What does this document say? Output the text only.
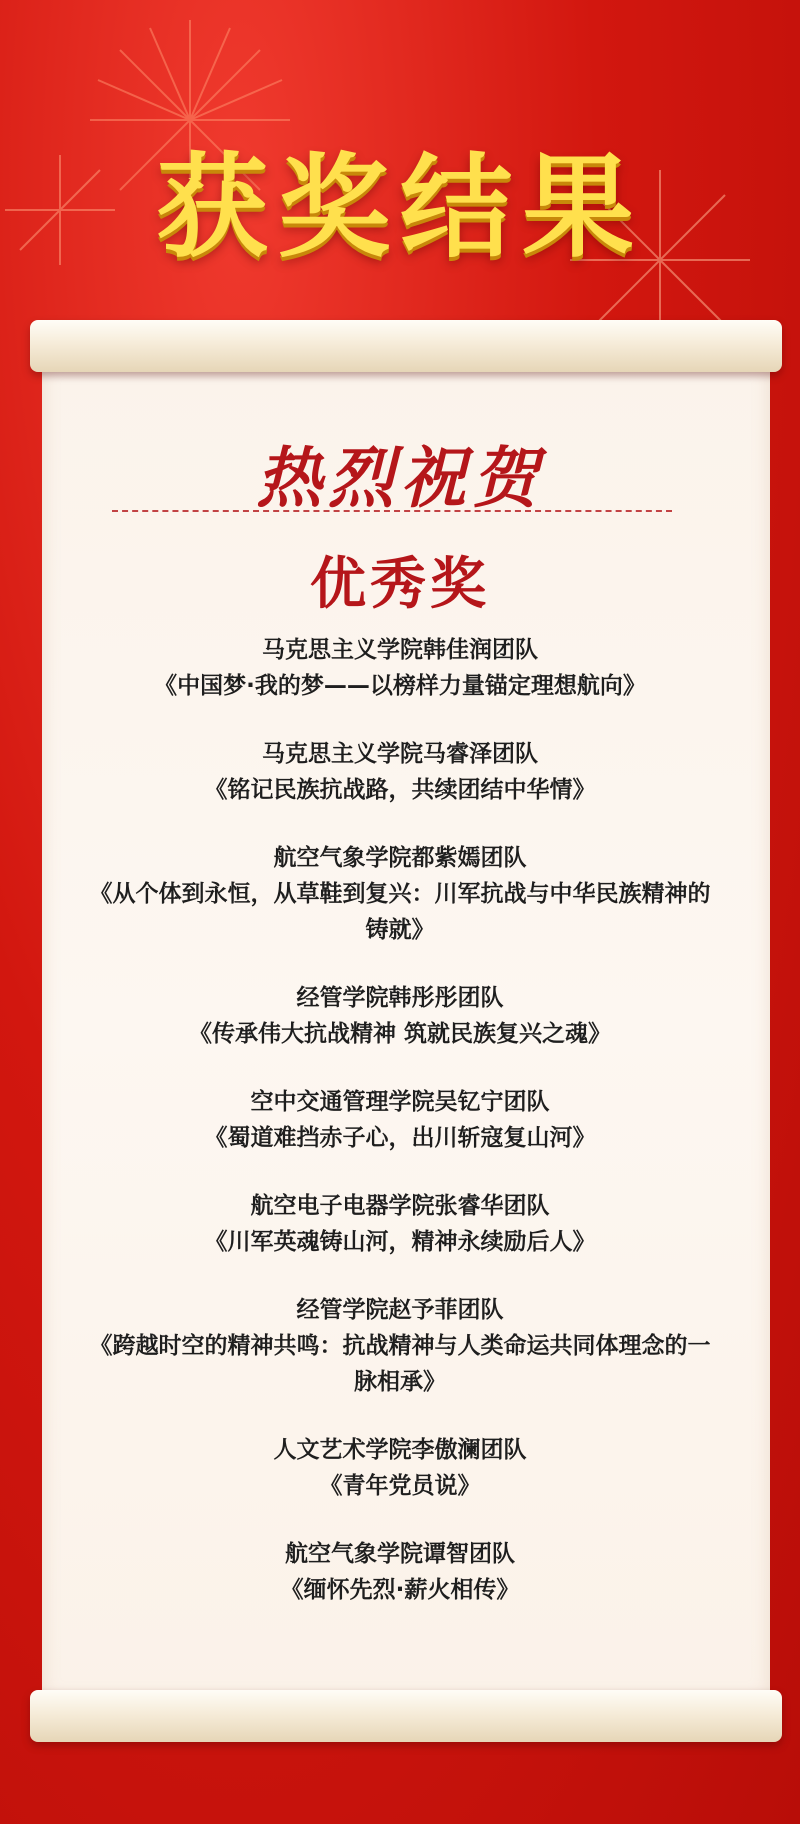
获奖结果
热烈祝贺
优秀奖
马克思主义学院韩佳润团队
《中国梦·我的梦——以榜样力量锚定理想航向》
马克思主义学院马睿泽团队
《铭记民族抗战路，共续团结中华情》
航空气象学院都紫嫣团队
《从个体到永恒，从草鞋到复兴：川军抗战与中华民族精神的铸就》
经管学院韩彤彤团队
《传承伟大抗战精神 筑就民族复兴之魂》
空中交通管理学院吴钇宁团队
《蜀道难挡赤子心，出川斩寇复山河》
航空电子电器学院张睿华团队
《川军英魂铸山河，精神永续励后人》
经管学院赵予菲团队
《跨越时空的精神共鸣：抗战精神与人类命运共同体理念的一脉相承》
人文艺术学院李傲澜团队
《青年党员说》
航空气象学院谭智团队
《缅怀先烈·薪火相传》
